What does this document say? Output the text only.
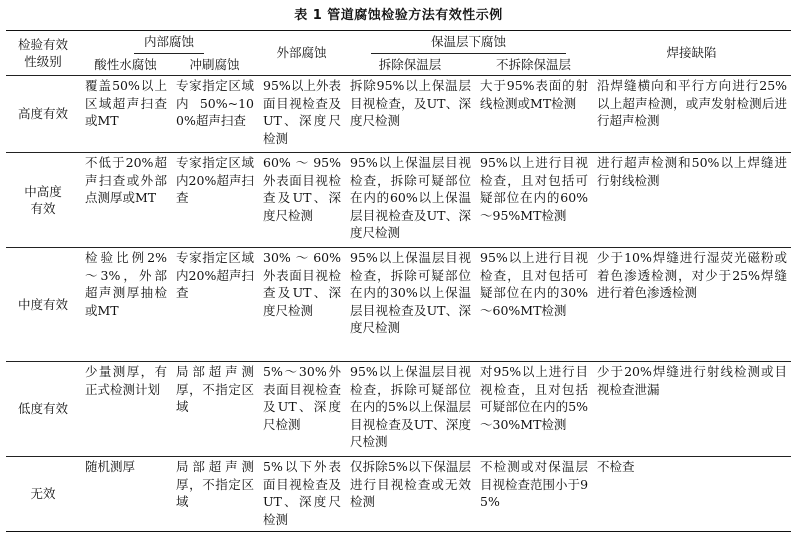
表 1 管道腐蚀检验方法有效性示例
检验有效性级别	内部腐蚀		外部腐蚀	保温层下腐蚀		焊接缺陷
	酸性水腐蚀	冲刷腐蚀		拆除保温层	不拆除保温层	
高度有效	覆盖50%以上区域超声扫查或MT	专家指定区域内50%~100%超声扫查	95%以上外表面目视检查及UT、深度尺检测	拆除95%以上保温层目视检查，及UT、深度尺检测	大于95%表面的射线检测或MT检测	沿焊缝横向和平行方向进行25%以上超声检测，或声发射检测后进行超声检测
中高度有效	不低于20%超声扫查或外部点测厚或MT	专家指定区域内20%超声扫查	60%～95%外表面目视检查及UT、深度尺检测	95%以上保温层目视检查，拆除可疑部位在内的60%以上保温层目视检查及UT、深度尺检测	95%以上进行目视检查，且对包括可疑部位在内的60%～95%MT检测	进行超声检测和50%以上焊缝进行射线检测
中度有效	检验比例2%～3%，外部超声测厚抽检或MT	专家指定区域内20%超声扫查	30%～60%外表面目视检查及UT、深度尺检测	95%以上保温层目视检查，拆除可疑部位在内的30%以上保温层目视检查及UT、深度尺检测	95%以上进行目视检查，且对包括可疑部位在内的30%～60%MT检测	少于10%焊缝进行湿荧光磁粉或着色渗透检测，对少于25%焊缝进行着色渗透检测
低度有效	少量测厚，有正式检测计划	局部超声测厚，不指定区域	5%～30%外表面目视检查及UT、深度尺检测	95%以上保温层目视检查，拆除可疑部位在内的5%以上保温层目视检查及UT、深度尺检测	对95%以上进行目视检查，且对包括可疑部位在内的5%～30%MT检测	少于20%焊缝进行射线检测或目视检查泄漏
无效	随机测厚	局部超声测厚，不指定区域	5%以下外表面目视检查及UT、深度尺检测	仅拆除5%以下保温层进行目视检查或无效检测	不检测或对保温层目视检查范围小于95%	不检查
